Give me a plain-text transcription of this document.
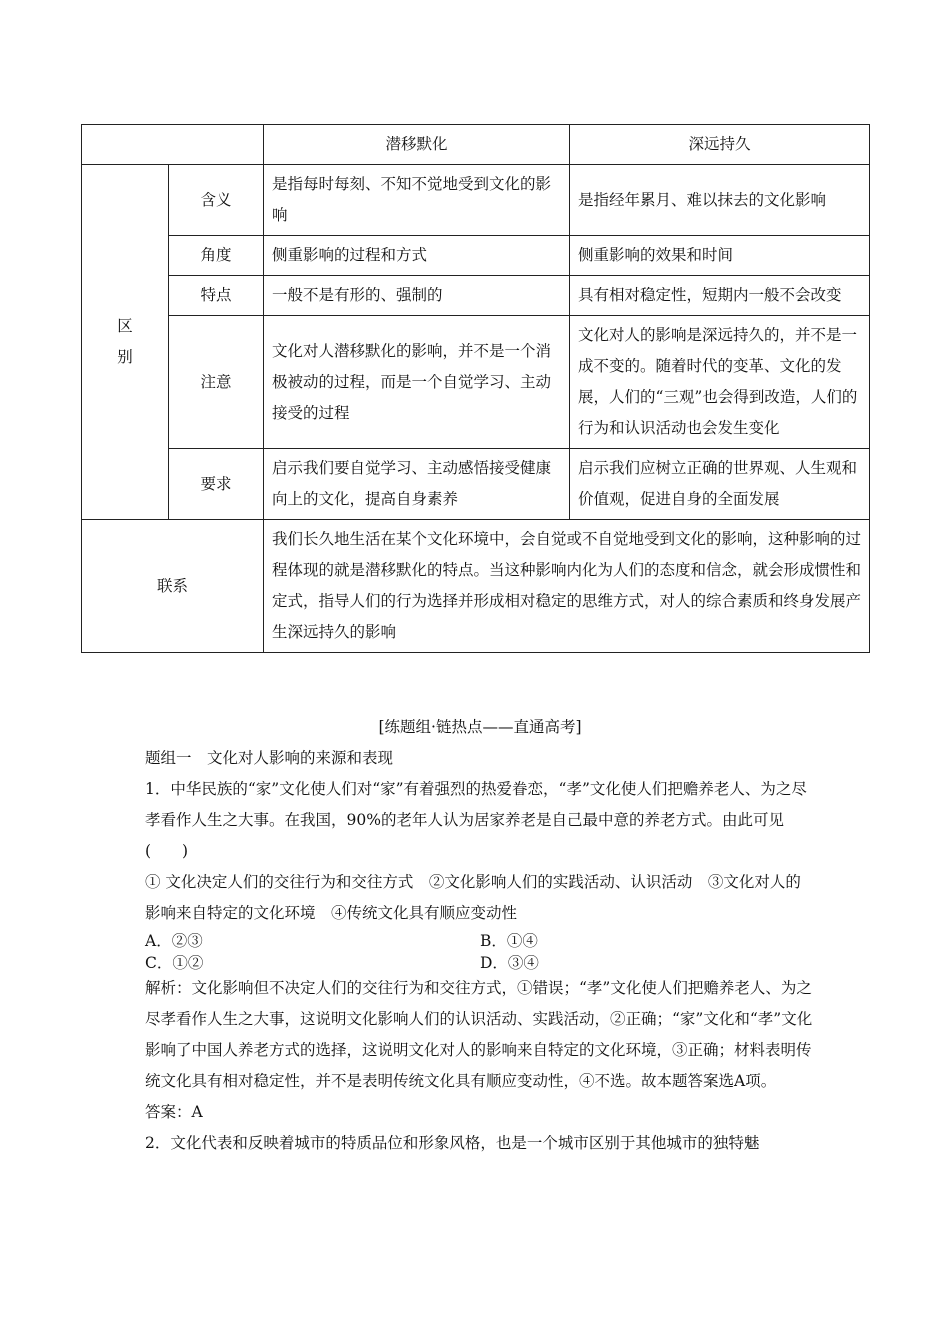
		潜移默化	深远持久

区
别	含义	是指每时每刻、不知不觉地受到文化的影响	是指经年累月、难以抹去的文化影响
	角度	侧重影响的过程和方式	侧重影响的效果和时间
	特点	一般不是有形的、强制的	具有相对稳定性，短期内一般不会改变
	注意	文化对人潜移默化的影响，并不是一个消极被动的过程，而是一个自觉学习、主动接受的过程	文化对人的影响是深远持久的，并不是一成不变的。随着时代的变革、文化的发展，人们的“三观”也会得到改造，人们的行为和认识活动也会发生变化
	要求	启示我们要自觉学习、主动感悟接受健康向上的文化，提高自身素养	启示我们应树立正确的世界观、人生观和价值观，促进自身的全面发展
联系		我们长久地生活在某个文化环境中，会自觉或不自觉地受到文化的影响，这种影响的过程体现的就是潜移默化的特点。当这种影响内化为人们的态度和信念，就会形成惯性和定式，指导人们的行为选择并形成相对稳定的思维方式，对人的综合素质和终身发展产生深远持久的影响	

[练题组·链热点——直通高考]

题组一　文化对人影响的来源和表现

1．中华民族的“家”文化使人们对“家”有着强烈的热爱眷恋，“孝”文化使人们把赡养老人、为之尽孝看作人生之大事。在我国，90%的老年人认为居家养老是自己最中意的养老方式。由此可见(　　)

① 文化决定人们的交往行为和交往方式　②文化影响人们的实践活动、认识活动　③文化对人的影响来自特定的文化环境　④传统文化具有顺应变动性

A．②③	B．①④
C．①②	D．③④

解析：文化影响但不决定人们的交往行为和交往方式，①错误；“孝”文化使人们把赡养老人、为之尽孝看作人生之大事，这说明文化影响人们的认识活动、实践活动，②正确；“家”文化和“孝”文化影响了中国人养老方式的选择，这说明文化对人的影响来自特定的文化环境，③正确；材料表明传统文化具有相对稳定性，并不是表明传统文化具有顺应变动性，④不选。故本题答案选A项。

答案：A

2．文化代表和反映着城市的特质品位和形象风格，也是一个城市区别于其他城市的独特魅
